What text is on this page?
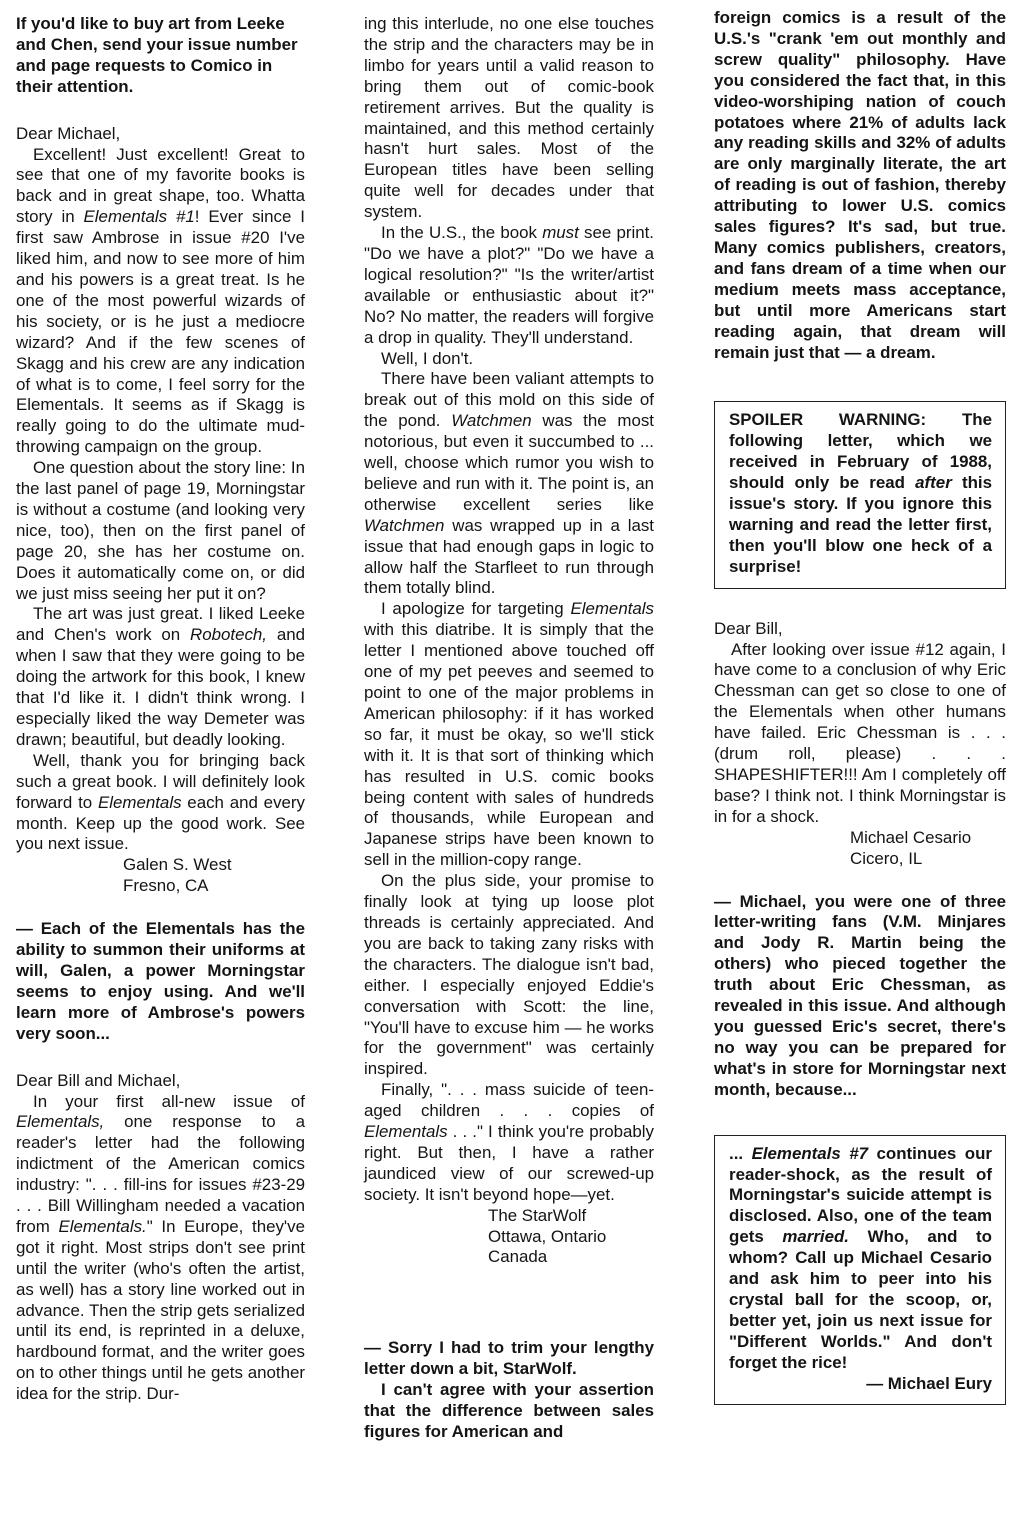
If you'd like to buy art from Leeke and Chen, send your issue number and page requests to Comico in their attention.

Dear Michael,

Excellent! Just excellent! Great to see that one of my favorite books is back and in great shape, too. Whatta story in Elementals #1! Ever since I first saw Ambrose in issue #20 I've liked him, and now to see more of him and his powers is a great treat. Is he one of the most powerful wizards of his society, or is he just a mediocre wizard? And if the few scenes of Skagg and his crew are any indication of what is to come, I feel sorry for the Elementals. It seems as if Skagg is really going to do the ultimate mud-throwing campaign on the group.

One question about the story line: In the last panel of page 19, Morningstar is without a costume (and looking very nice, too), then on the first panel of page 20, she has her costume on. Does it automatically come on, or did we just miss seeing her put it on?

The art was just great. I liked Leeke and Chen's work on Robotech, and when I saw that they were going to be doing the artwork for this book, I knew that I'd like it. I didn't think wrong. I especially liked the way Demeter was drawn; beautiful, but deadly looking.

Well, thank you for bringing back such a great book. I will definitely look forward to Elementals each and every month. Keep up the good work. See you next issue.

Galen S. West

Fresno, CA

— Each of the Elementals has the ability to summon their uniforms at will, Galen, a power Morningstar seems to enjoy using. And we'll learn more of Ambrose's powers very soon...

Dear Bill and Michael,

In your first all-new issue of Elementals, one response to a reader's letter had the following indictment of the American comics industry: ". . . fill-ins for issues #23-29 . . . Bill Willingham needed a vacation from Elementals." In Europe, they've got it right. Most strips don't see print until the writer (who's often the artist, as well) has a story line worked out in advance. Then the strip gets serialized until its end, is reprinted in a deluxe, hardbound format, and the writer goes on to other things until he gets another idea for the strip. Dur-

ing this interlude, no one else touches the strip and the characters may be in limbo for years until a valid reason to bring them out of comic-book retirement arrives. But the quality is maintained, and this method certainly hasn't hurt sales. Most of the European titles have been selling quite well for decades under that system.

In the U.S., the book must see print. "Do we have a plot?" "Do we have a logical resolution?" "Is the writer/artist available or enthusiastic about it?" No? No matter, the readers will forgive a drop in quality. They'll understand.

Well, I don't.

There have been valiant attempts to break out of this mold on this side of the pond. Watchmen was the most notorious, but even it succumbed to ... well, choose which rumor you wish to believe and run with it. The point is, an otherwise excellent series like Watchmen was wrapped up in a last issue that had enough gaps in logic to allow half the Starfleet to run through them totally blind.

I apologize for targeting Elementals with this diatribe. It is simply that the letter I mentioned above touched off one of my pet peeves and seemed to point to one of the major problems in American philosophy: if it has worked so far, it must be okay, so we'll stick with it. It is that sort of thinking which has resulted in U.S. comic books being content with sales of hundreds of thousands, while European and Japanese strips have been known to sell in the million-copy range.

On the plus side, your promise to finally look at tying up loose plot threads is certainly appreciated. And you are back to taking zany risks with the characters. The dialogue isn't bad, either. I especially enjoyed Eddie's conversation with Scott: the line, "You'll have to excuse him — he works for the government" was certainly inspired.

Finally, ". . . mass suicide of teen-aged children . . . copies of Elementals . . ." I think you're probably right. But then, I have a rather jaundiced view of our screwed-up society. It isn't beyond hope—yet.

The StarWolf

Ottawa, Ontario

Canada

— Sorry I had to trim your lengthy letter down a bit, StarWolf.

I can't agree with your assertion that the difference between sales figures for American and

foreign comics is a result of the U.S.'s "crank 'em out monthly and screw quality" philosophy. Have you considered the fact that, in this video-worshiping nation of couch potatoes where 21% of adults lack any reading skills and 32% of adults are only marginally literate, the art of reading is out of fashion, thereby attributing to lower U.S. comics sales figures? It's sad, but true. Many comics publishers, creators, and fans dream of a time when our medium meets mass acceptance, but until more Americans start reading again, that dream will remain just that — a dream.

SPOILER WARNING: The following letter, which we received in February of 1988, should only be read after this issue's story. If you ignore this warning and read the letter first, then you'll blow one heck of a surprise!

Dear Bill,

After looking over issue #12 again, I have come to a conclusion of why Eric Chessman can get so close to one of the Elementals when other humans have failed. Eric Chessman is . . . (drum roll, please) . . . SHAPESHIFTER!!! Am I completely off base? I think not. I think Morningstar is in for a shock.

Michael Cesario

Cicero, IL

— Michael, you were one of three letter-writing fans (V.M. Minjares and Jody R. Martin being the others) who pieced together the truth about Eric Chessman, as revealed in this issue. And although you guessed Eric's secret, there's no way you can be prepared for what's in store for Morningstar next month, because...

... Elementals #7 continues our reader-shock, as the result of Morningstar's suicide attempt is disclosed. Also, one of the team gets married. Who, and to whom? Call up Michael Cesario and ask him to peer into his crystal ball for the scoop, or, better yet, join us next issue for "Different Worlds." And don't forget the rice!

— Michael Eury
